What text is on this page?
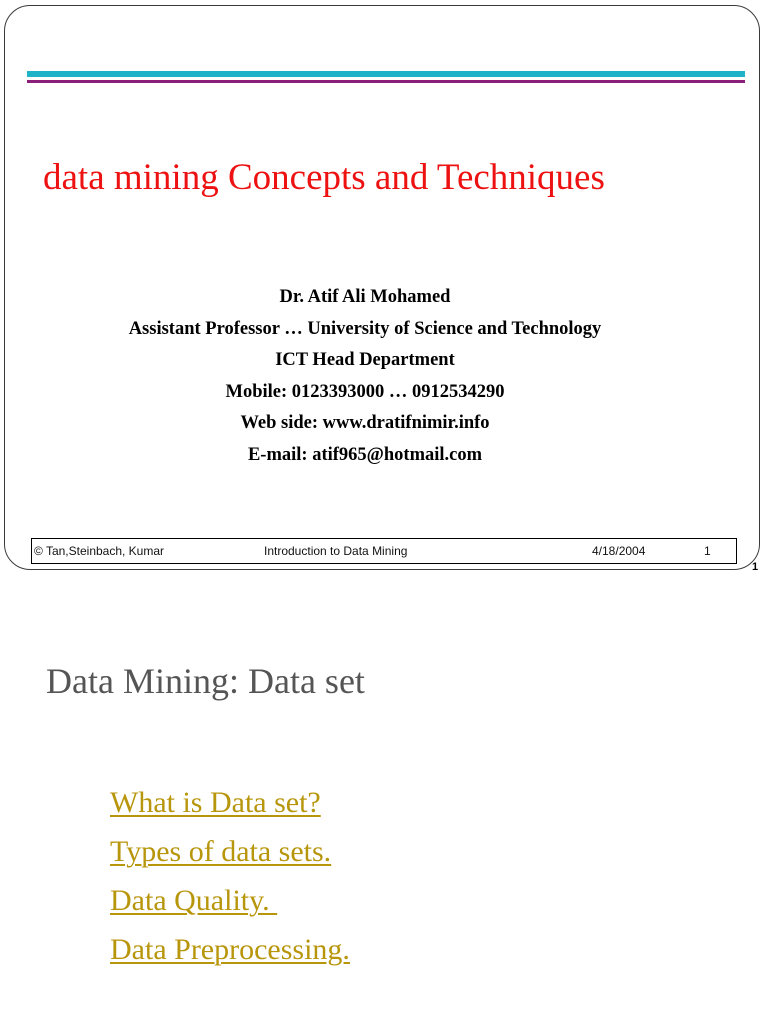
data mining Concepts and Techniques
Dr. Atif Ali Mohamed
Assistant Professor … University of Science and Technology
ICT Head Department
Mobile: 0123393000 … 0912534290
Web side: www.dratifnimir.info
E-mail: atif965@hotmail.com
© Tan,Steinbach, Kumar	Introduction to Data Mining	4/18/2004	1
1
Data Mining: Data set
What is Data set?
Types of data sets.
Data Quality.
Data Preprocessing.
